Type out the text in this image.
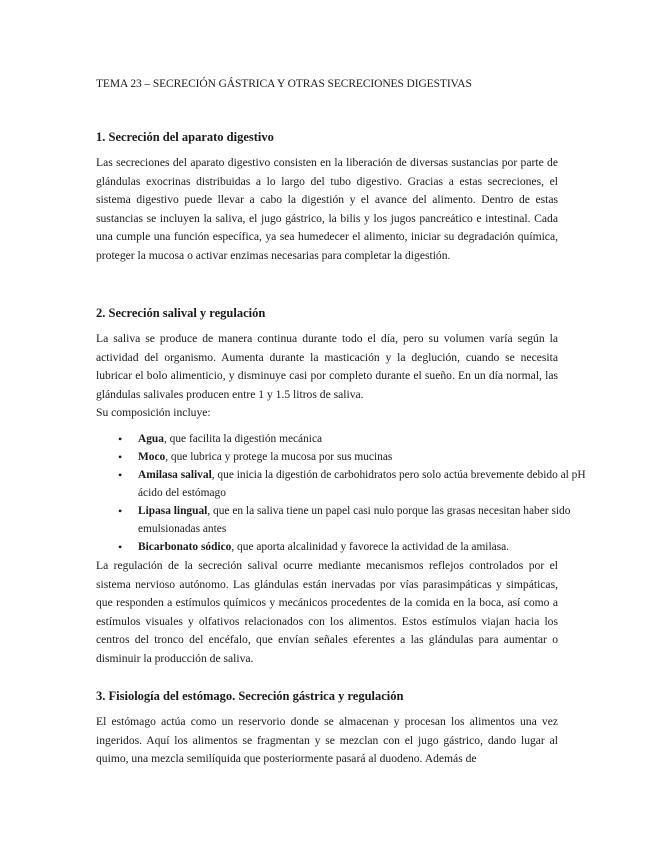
TEMA 23 – SECRECIÓN GÁSTRICA Y OTRAS SECRECIONES DIGESTIVAS
1. Secreción del aparato digestivo
Las secreciones del aparato digestivo consisten en la liberación de diversas sustancias por parte de glándulas exocrinas distribuidas a lo largo del tubo digestivo. Gracias a estas secreciones, el sistema digestivo puede llevar a cabo la digestión y el avance del alimento. Dentro de estas sustancias se incluyen la saliva, el jugo gástrico, la bilis y los jugos pancreático e intestinal. Cada una cumple una función específica, ya sea humedecer el alimento, iniciar su degradación química, proteger la mucosa o activar enzimas necesarias para completar la digestión.
2. Secreción salival y regulación
La saliva se produce de manera continua durante todo el día, pero su volumen varía según la actividad del organismo. Aumenta durante la masticación y la deglución, cuando se necesita lubricar el bolo alimenticio, y disminuye casi por completo durante el sueño. En un día normal, las glándulas salivales producen entre 1 y 1.5 litros de saliva.
Su composición incluye:
• Agua, que facilita la digestión mecánica
• Moco, que lubrica y protege la mucosa por sus mucinas
• Amilasa salival, que inicia la digestión de carbohidratos pero solo actúa brevemente debido al pH ácido del estómago
• Lipasa lingual, que en la saliva tiene un papel casi nulo porque las grasas necesitan haber sido emulsionadas antes
• Bicarbonato sódico, que aporta alcalinidad y favorece la actividad de la amilasa.
La regulación de la secreción salival ocurre mediante mecanismos reflejos controlados por el sistema nervioso autónomo. Las glándulas están inervadas por vías parasimpáticas y simpáticas, que responden a estímulos químicos y mecánicos procedentes de la comida en la boca, así como a estímulos visuales y olfativos relacionados con los alimentos. Estos estímulos viajan hacia los centros del tronco del encéfalo, que envían señales eferentes a las glándulas para aumentar o disminuir la producción de saliva.
3. Fisiología del estómago. Secreción gástrica y regulación
El estómago actúa como un reservorio donde se almacenan y procesan los alimentos una vez ingeridos. Aquí los alimentos se fragmentan y se mezclan con el jugo gástrico, dando lugar al quimo, una mezcla semilíquida que posteriormente pasará al duodeno. Además de
